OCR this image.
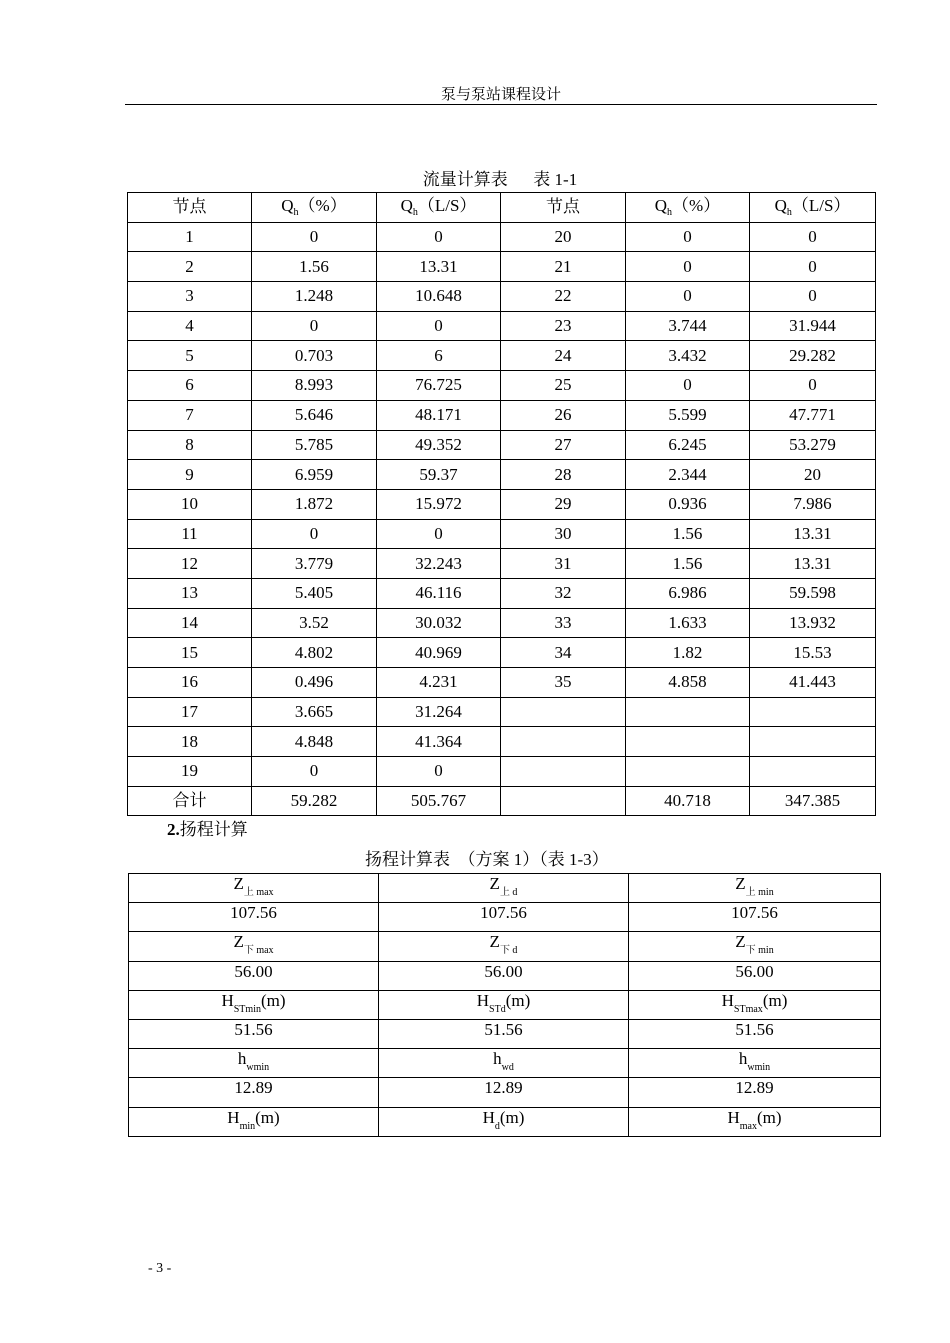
泵与泵站课程设计
流量计算表      表 1-1
节点	$Q_h(\%)$	$Q_h(L/S)$	节点	$Q_h(\%)$	$Q_h(L/S)$
1	0	0	20	0	0
2	1.56	13.31	21	0	0
3	1.248	10.648	22	0	0
4	0	0	23	3.744	31.944
5	0.703	6	24	3.432	29.282
6	8.993	76.725	25	0	0
7	5.646	48.171	26	5.599	47.771
8	5.785	49.352	27	6.245	53.279
9	6.959	59.37	28	2.344	20
10	1.872	15.972	29	0.936	7.986
11	0	0	30	1.56	13.31
12	3.779	32.243	31	1.56	13.31
13	5.405	46.116	32	6.986	59.598
14	3.52	30.032	33	1.633	13.932
15	4.802	40.969	34	1.82	15.53
16	0.496	4.231	35	4.858	41.443
17	3.665	31.264			
18	4.848	41.364			
19	0	0			
合计	59.282	505.767		40.718	347.385
2.扬程计算
扬程计算表  （方案 1）（表 1-3）
$Z_{上 max}$	$Z_{上 d}$	$Z_{上 min}$
107.56	107.56	107.56
$Z_{下 max}$	$Z_{下 d}$	$Z_{下 min}$
56.00	56.00	56.00
$H_{STmin}(m)$	$H_{STd}(m)$	$H_{STmax}(m)$
51.56	51.56	51.56
$h_{wmin}$	$h_{wd}$	$h_{wmin}$
12.89	12.89	12.89
$H_{min}(m)$	$H_d(m)$	$H_{max}(m)$
- 3 -
